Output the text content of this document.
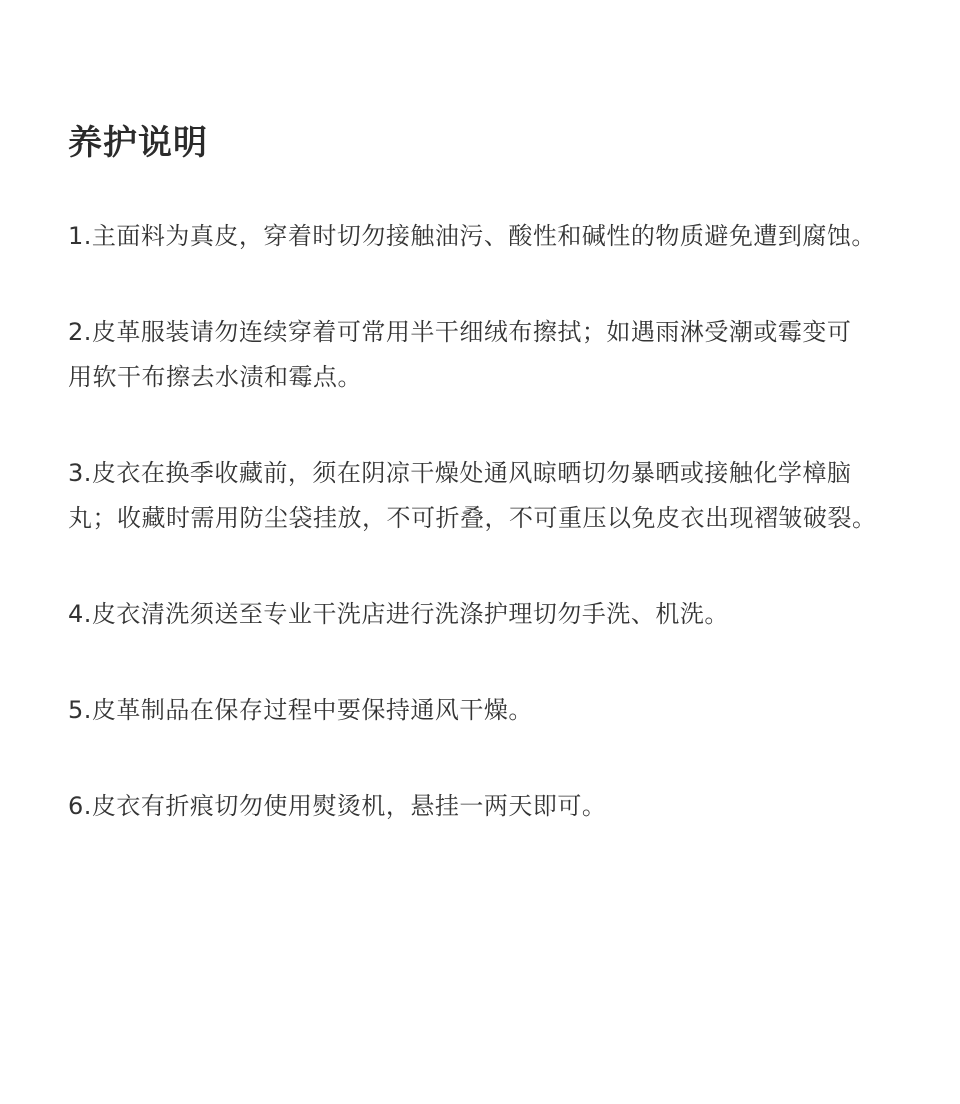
养护说明
1.主面料为真皮，穿着时切勿接触油污、酸性和碱性的物质避免遭到腐蚀。
2.皮革服装请勿连续穿着可常用半干细绒布擦拭；如遇雨淋受潮或霉变可
用软干布擦去水渍和霉点。
3.皮衣在换季收藏前，须在阴凉干燥处通风晾晒切勿暴晒或接触化学樟脑
丸；收藏时需用防尘袋挂放，不可折叠，不可重压以免皮衣出现褶皱破裂。
4.皮衣清洗须送至专业干洗店进行洗涤护理切勿手洗、机洗。
5.皮革制品在保存过程中要保持通风干燥。
6.皮衣有折痕切勿使用熨烫机，悬挂一两天即可。
